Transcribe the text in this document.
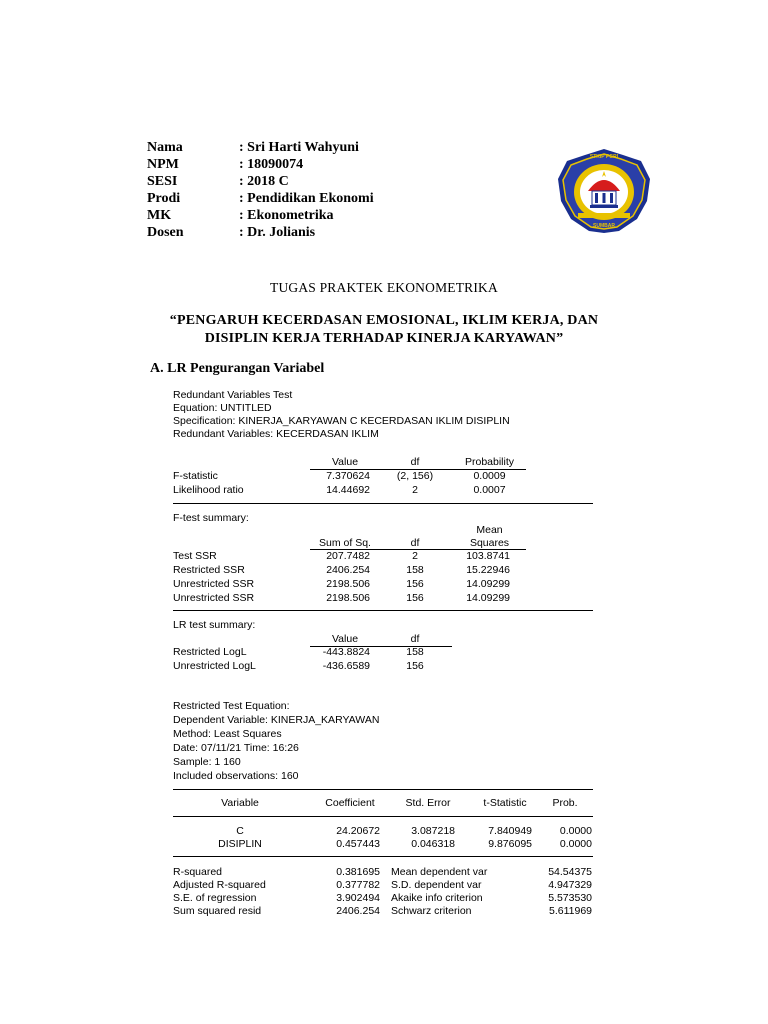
Nama	: Sri Harti Wahyuni
NPM	: 18090074
SESI	: 2018 C
Prodi	: Pendidikan Ekonomi
MK	: Ekonometrika
Dosen	: Dr. Jolianis
STKIP PGRI
SUMBAR
TUGAS PRAKTEK EKONOMETRIKA
“PENGARUH KECERDASAN EMOSIONAL, IKLIM KERJA, DAN
DISIPLIN KERJA TERHADAP KINERJA KARYAWAN”
A. LR Pengurangan Variabel
Redundant Variables Test
Equation: UNTITLED
Specification: KINERJA_KARYAWAN C KECERDASAN IKLIM DISIPLIN
Redundant Variables: KECERDASAN IKLIM
Value	df	Probability
F-statistic	7.370624	(2, 156)	0.0009
Likelihood ratio	14.44692	2	0.0007
F-test summary:
Sum of Sq.	df
Mean
Squares
Test SSR	207.7482	2	103.8741
Restricted SSR	2406.254	158	15.22946
Unrestricted SSR	2198.506	156	14.09299
Unrestricted SSR	2198.506	156	14.09299
LR test summary:
Value	df
Restricted LogL	-443.8824	158
Unrestricted LogL	-436.6589	156
Restricted Test Equation:
Dependent Variable: KINERJA_KARYAWAN
Method: Least Squares
Date: 07/11/21 Time: 16:26
Sample: 1 160
Included observations: 160
Variable	Coefficient	Std. Error	t-Statistic	Prob.
C	24.20672	3.087218	7.840949	0.0000
DISIPLIN	0.457443	0.046318	9.876095	0.0000
R-squared	0.381695 Mean dependent var	54.54375
Adjusted R-squared	0.377782 S.D. dependent var	4.947329
S.E. of regression	3.902494 Akaike info criterion	5.573530
Sum squared resid	2406.254 Schwarz criterion	5.611969
